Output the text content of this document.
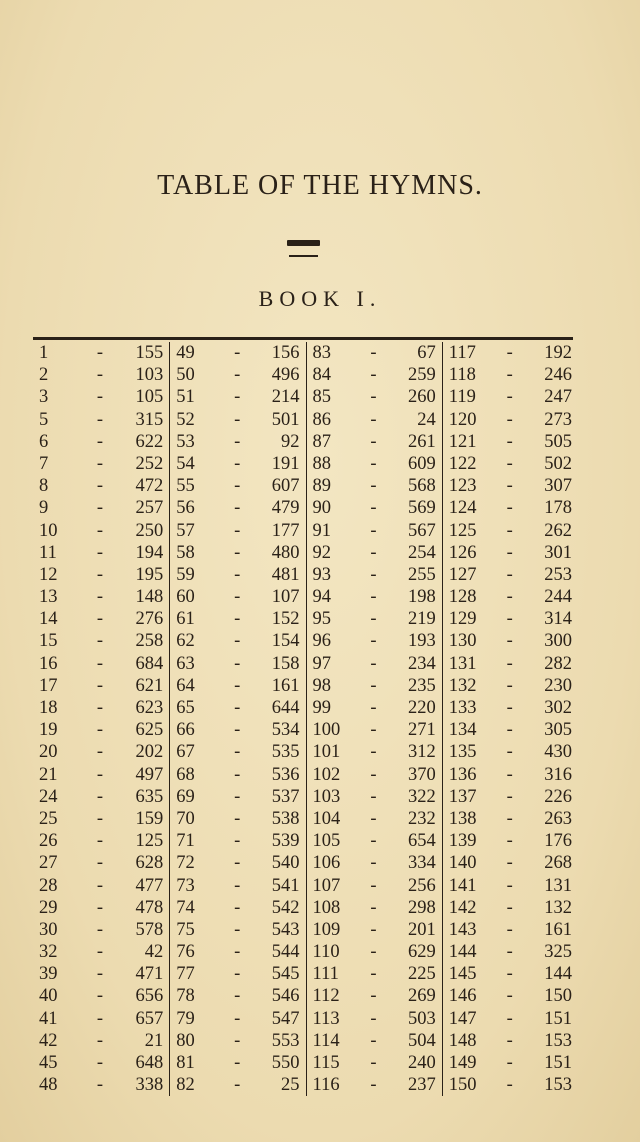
TABLE OF THE HYMNS.
BOOK I.
1	-	155
2	-	103
3	-	105
5	-	315
6	-	622
7	-	252
8	-	472
9	-	257
10	-	250
11	-	194
12	-	195
13	-	148
14	-	276
15	-	258
16	-	684
17	-	621
18	-	623
19	-	625
20	-	202
21	-	497
24	-	635
25	-	159
26	-	125
27	-	628
28	-	477
29	-	478
30	-	578
32	-	42
39	-	471
40	-	656
41	-	657
42	-	21
45	-	648
48	-	338
49	-	156
50	-	496
51	-	214
52	-	501
53	-	92
54	-	191
55	-	607
56	-	479
57	-	177
58	-	480
59	-	481
60	-	107
61	-	152
62	-	154
63	-	158
64	-	161
65	-	644
66	-	534
67	-	535
68	-	536
69	-	537
70	-	538
71	-	539
72	-	540
73	-	541
74	-	542
75	-	543
76	-	544
77	-	545
78	-	546
79	-	547
80	-	553
81	-	550
82	-	25
83	-	67
84	-	259
85	-	260
86	-	24
87	-	261
88	-	609
89	-	568
90	-	569
91	-	567
92	-	254
93	-	255
94	-	198
95	-	219
96	-	193
97	-	234
98	-	235
99	-	220
100	-	271
101	-	312
102	-	370
103	-	322
104	-	232
105	-	654
106	-	334
107	-	256
108	-	298
109	-	201
110	-	629
111	-	225
112	-	269
113	-	503
114	-	504
115	-	240
116	-	237
117	-	192
118	-	246
119	-	247
120	-	273
121	-	505
122	-	502
123	-	307
124	-	178
125	-	262
126	-	301
127	-	253
128	-	244
129	-	314
130	-	300
131	-	282
132	-	230
133	-	302
134	-	305
135	-	430
136	-	316
137	-	226
138	-	263
139	-	176
140	-	268
141	-	131
142	-	132
143	-	161
144	-	325
145	-	144
146	-	150
147	-	151
148	-	153
149	-	151
150	-	153
